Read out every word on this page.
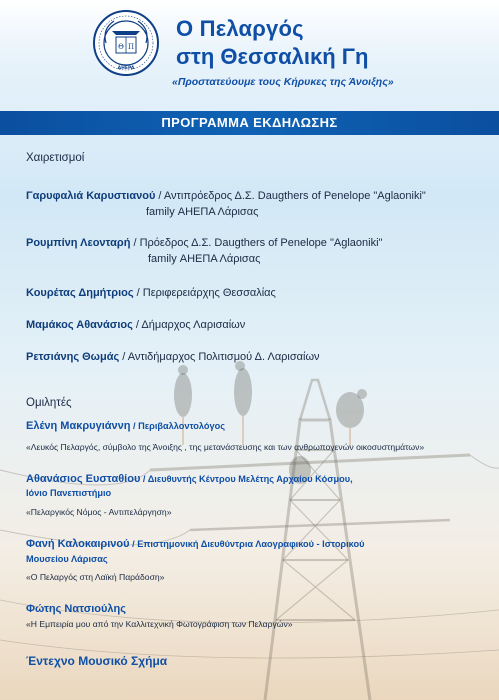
Θ Π
AHEPA
Ο Πελαργός
στη Θεσσαλική Γη
«Προστατεύουμε τους Κήρυκες της Άνοιξης»
ΠΡΟΓΡΑΜΜΑ ΕΚΔΗΛΩΣΗΣ
Χαιρετισμοί
Γαρυφαλιά Καρυστιανού / Αντιπρόεδρος Δ.Σ. Daugthers of Penelope "Aglaoniki"
family ΑΗΕΠΑ Λάρισας
Ρουμπίνη Λεονταρή / Πρόεδρος Δ.Σ. Daugthers of Penelope "Aglaoniki"
family ΑΗΕΠΑ Λάρισας
Κουρέτας Δημήτριος / Περιφερειάρχης Θεσσαλίας
Μαμάκος Αθανάσιος / Δήμαρχος Λαρισαίων
Ρετσιάνης Θωμάς / Αντιδήμαρχος Πολιτισμού Δ. Λαρισαίων
Ομιλητές
Ελένη Μακρυγιάννη / Περιβαλλοντολόγος
«Λευκός Πελαργός, σύμβολο της Άνοιξης , της μετανάστευσης και των ανθρωπογενών οικοσυστημάτων»
Αθανάσιος Ευσταθίου / Διευθυντής Κέντρου Μελέτης Αρχαίου Κόσμου,
Ιόνιο Πανεπιστήμιο
«Πελαργικός Νόμος - Αντιπελάργηση»
Φανή Καλοκαιρινού / Επιστημονική Διευθύντρια Λαογραφικού - Ιστορικού
Μουσείου Λάρισας
«Ο Πελαργός στη Λαϊκή Παράδοση»
Φώτης Νατσιούλης
«Η Εμπειρία μου από την Καλλιτεχνική Φωτογράφιση των Πελαργών»
Έντεχνο Μουσικό Σχήμα
